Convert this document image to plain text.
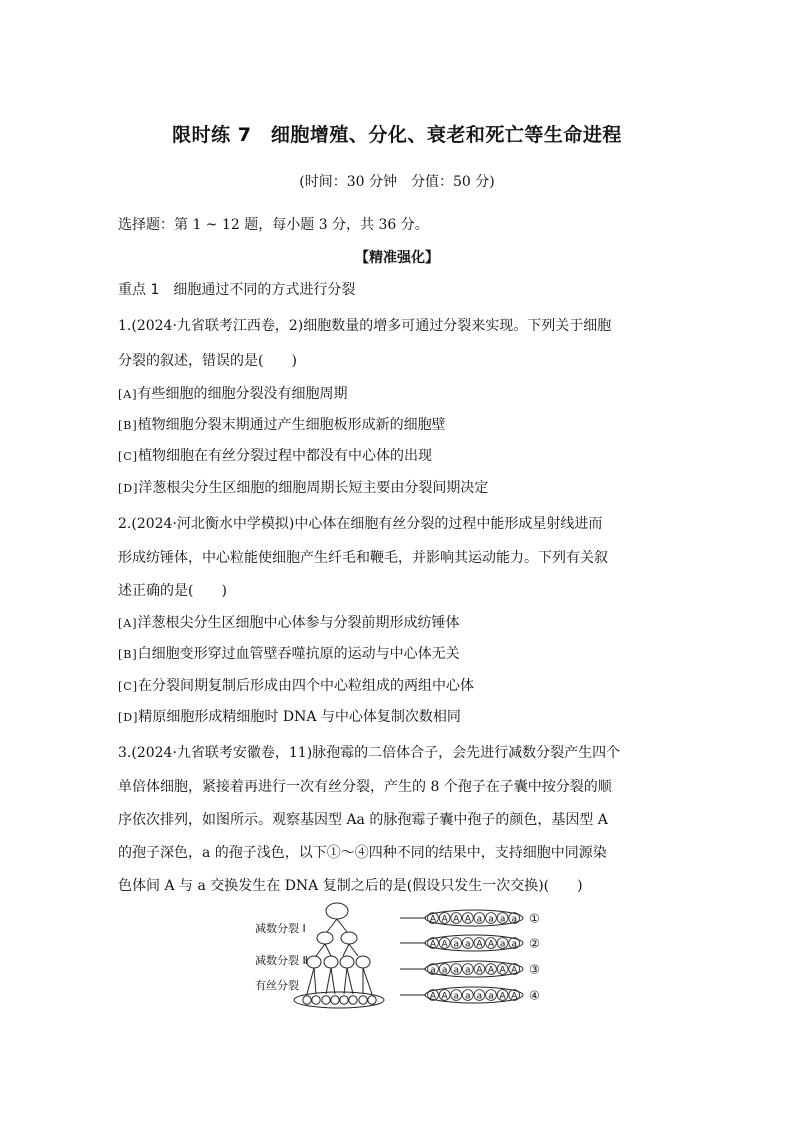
限时练 7　细胞增殖、分化、衰老和死亡等生命进程
(时间：30 分钟　分值：50 分)
选择题：第 1 ~ 12 题，每小题 3 分，共 36 分。
【精准强化】
重点 1　细胞通过不同的方式进行分裂
1.(2024·九省联考江西卷，2)细胞数量的增多可通过分裂来实现。下列关于细胞
分裂的叙述，错误的是(　　)
[A]有些细胞的细胞分裂没有细胞周期
[B]植物细胞分裂末期通过产生细胞板形成新的细胞壁
[C]植物细胞在有丝分裂过程中都没有中心体的出现
[D]洋葱根尖分生区细胞的细胞周期长短主要由分裂间期决定
2.(2024·河北衡水中学模拟)中心体在细胞有丝分裂的过程中能形成星射线进而
形成纺锤体，中心粒能使细胞产生纤毛和鞭毛，并影响其运动能力。下列有关叙
述正确的是(　　)
[A]洋葱根尖分生区细胞中心体参与分裂前期形成纺锤体
[B]白细胞变形穿过血管壁吞噬抗原的运动与中心体无关
[C]在分裂间期复制后形成由四个中心粒组成的两组中心体
[D]精原细胞形成精细胞时 DNA 与中心体复制次数相同
3.(2024·九省联考安徽卷，11)脉孢霉的二倍体合子，会先进行减数分裂产生四个
单倍体细胞，紧接着再进行一次有丝分裂，产生的 8 个孢子在子囊中按分裂的顺
序依次排列，如图所示。观察基因型 Aa 的脉孢霉子囊中孢子的颜色，基因型 A
的孢子深色，a 的孢子浅色，以下①～④四种不同的结果中，支持细胞中同源染
色体间 A 与 a 交换发生在 DNA 复制之后的是(假设只发生一次交换)(　　)
减数分裂 Ⅰ
减数分裂 Ⅱ
有丝分裂
A A A A a a a a ①
A A a a A A a a ②
a a a a A A A A ③
A A a a a a A A ④
